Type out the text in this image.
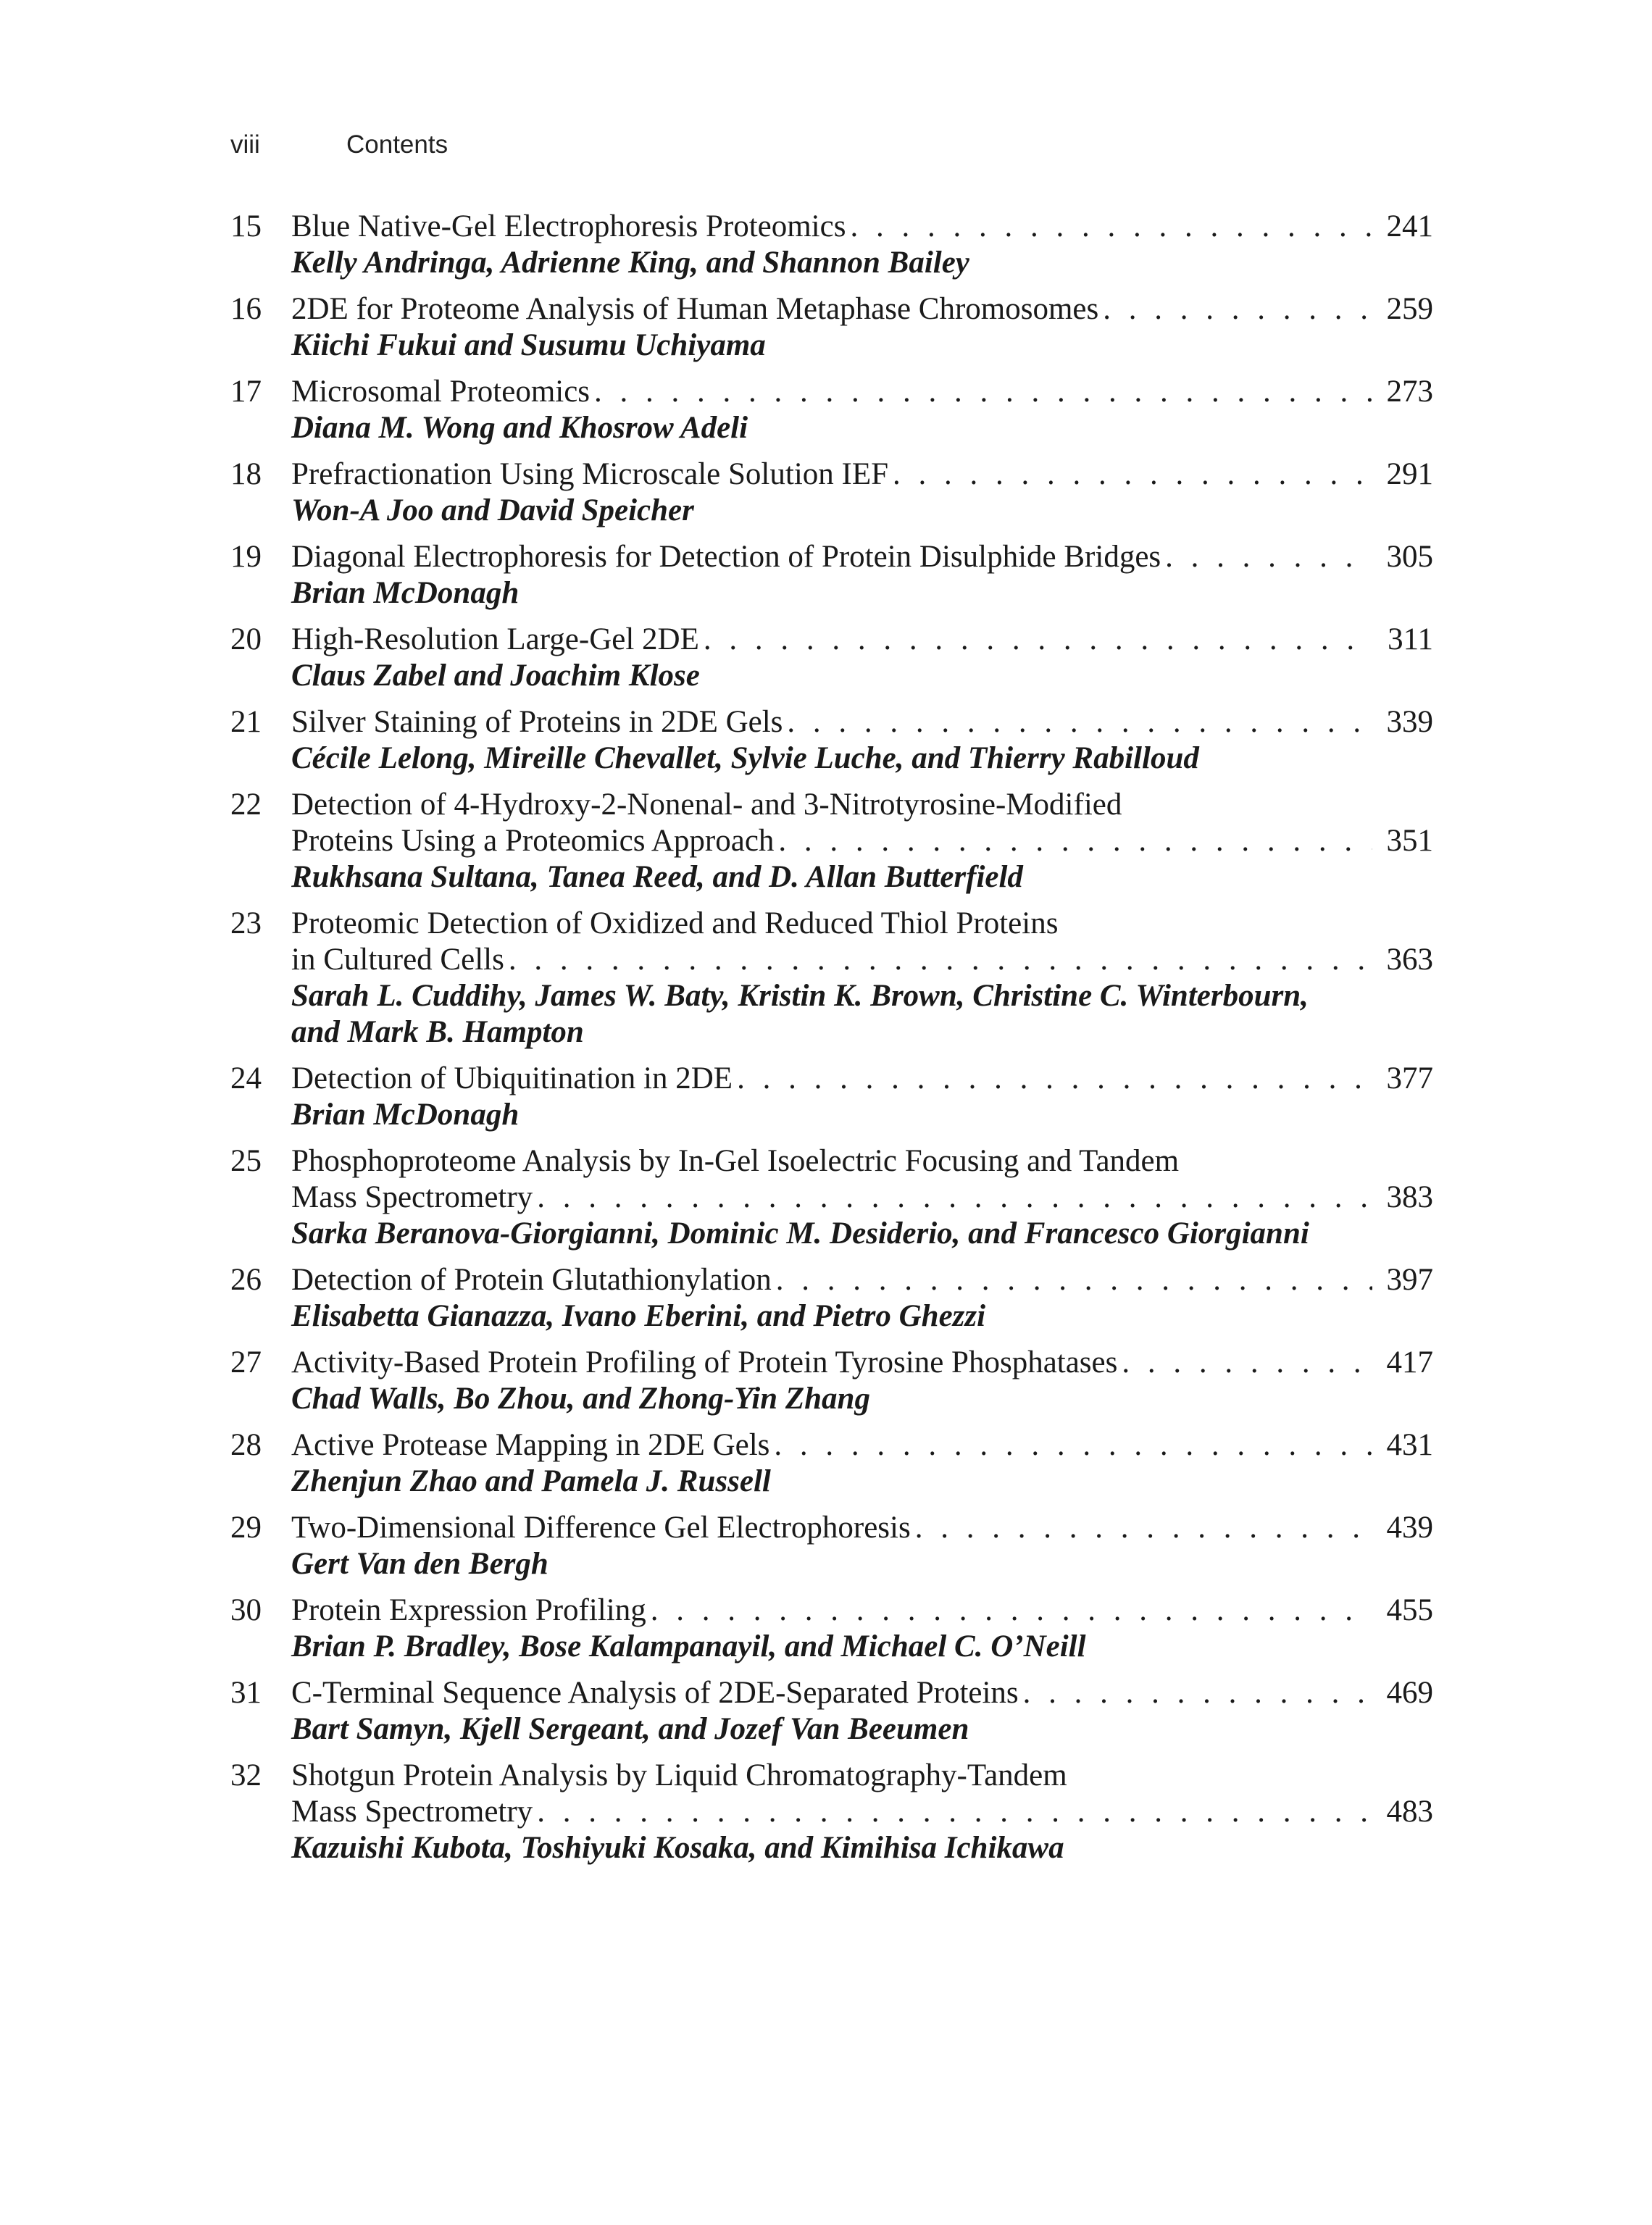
viii	Contents
15 Blue Native-Gel Electrophoresis Proteomics . . .	241
Kelly Andringa, Adrienne King, and Shannon Bailey
16 2DE for Proteome Analysis of Human Metaphase Chromosomes . . .	259
Kiichi Fukui and Susumu Uchiyama
17 Microsomal Proteomics . . .	273
Diana M. Wong and Khosrow Adeli
18 Prefractionation Using Microscale Solution IEF . . .	291
Won-A Joo and David Speicher
19 Diagonal Electrophoresis for Detection of Protein Disulphide Bridges . . .	305
Brian McDonagh
20 High-Resolution Large-Gel 2DE . . .	311
Claus Zabel and Joachim Klose
21 Silver Staining of Proteins in 2DE Gels . . .	339
Cécile Lelong, Mireille Chevallet, Sylvie Luche, and Thierry Rabilloud
22 Detection of 4-Hydroxy-2-Nonenal- and 3-Nitrotyrosine-Modified
Proteins Using a Proteomics Approach . . .	351
Rukhsana Sultana, Tanea Reed, and D. Allan Butterfield
23 Proteomic Detection of Oxidized and Reduced Thiol Proteins
in Cultured Cells . . .	363
Sarah L. Cuddihy, James W. Baty, Kristin K. Brown, Christine C. Winterbourn, and Mark B. Hampton
24 Detection of Ubiquitination in 2DE . . .	377
Brian McDonagh
25 Phosphoproteome Analysis by In-Gel Isoelectric Focusing and Tandem
Mass Spectrometry . . .	383
Sarka Beranova-Giorgianni, Dominic M. Desiderio, and Francesco Giorgianni
26 Detection of Protein Glutathionylation . . .	397
Elisabetta Gianazza, Ivano Eberini, and Pietro Ghezzi
27 Activity-Based Protein Profiling of Protein Tyrosine Phosphatases . . .	417
Chad Walls, Bo Zhou, and Zhong-Yin Zhang
28 Active Protease Mapping in 2DE Gels . . .	431
Zhenjun Zhao and Pamela J. Russell
29 Two-Dimensional Difference Gel Electrophoresis . . .	439
Gert Van den Bergh
30 Protein Expression Profiling . . .	455
Brian P. Bradley, Bose Kalampanayil, and Michael C. O’Neill
31 C-Terminal Sequence Analysis of 2DE-Separated Proteins . . .	469
Bart Samyn, Kjell Sergeant, and Jozef Van Beeumen
32 Shotgun Protein Analysis by Liquid Chromatography-Tandem
Mass Spectrometry . . .	483
Kazuishi Kubota, Toshiyuki Kosaka, and Kimihisa Ichikawa
